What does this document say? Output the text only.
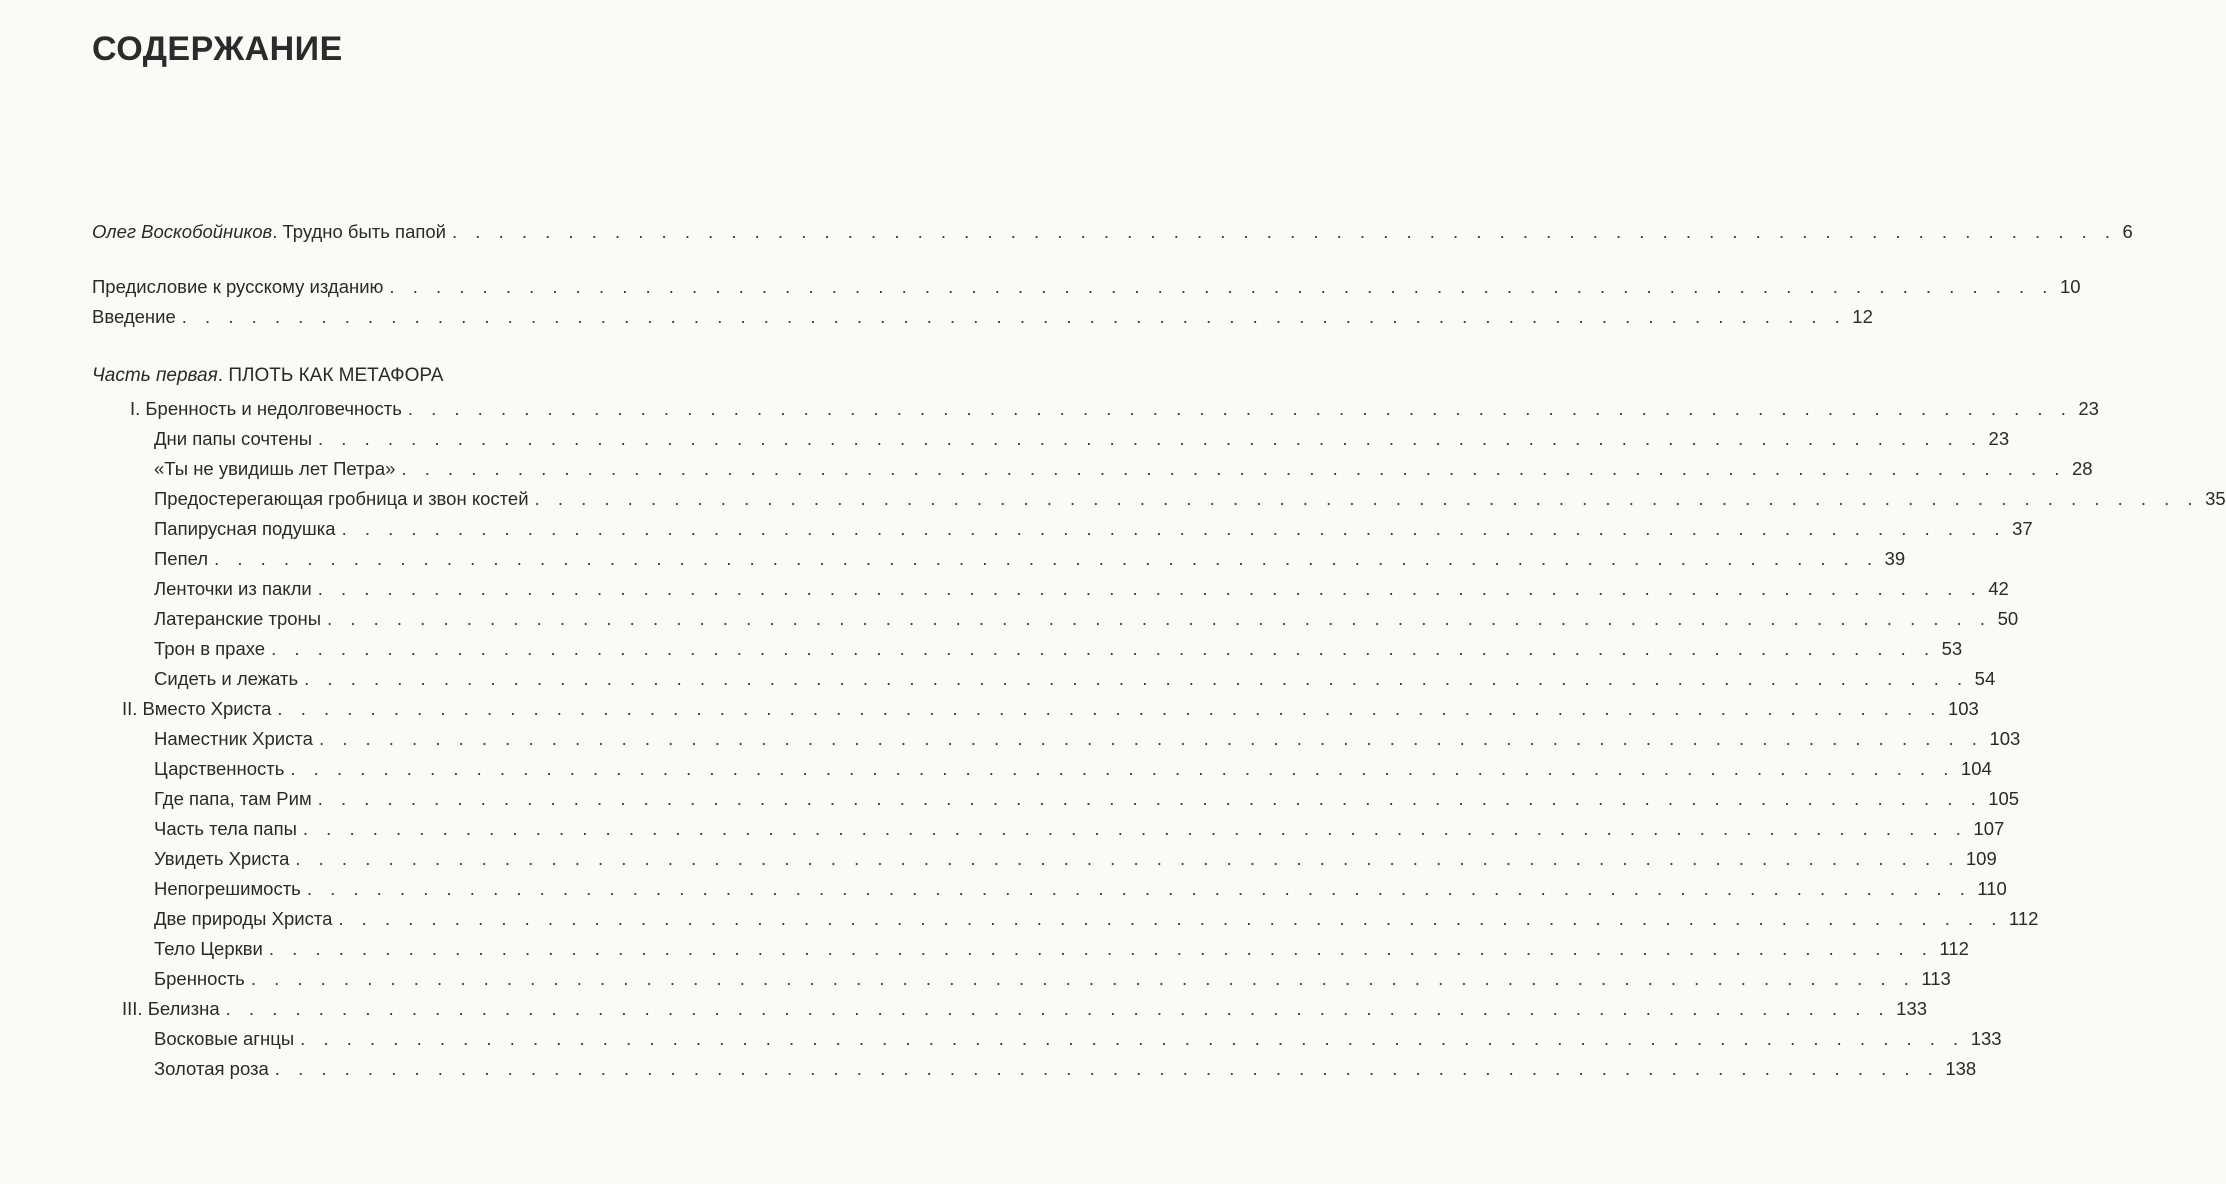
СОДЕРЖАНИЕ
Олег Воскобойников. Трудно быть папой . . . . . . . . . . . . . . . . . . . . . . . . . . . . . . . . . . . . . . . . . . . . . . . . . . . . . . . . . . . . . . . . . . . . . . . . 6
Предисловие к русскому изданию . . . . . . . . . . . . . . . . . . . . . . . . . . . . . . . . . . . . . . . . . . . . . . . . . . . . . . . . . . . . . . . . . . . . . . . . 10
Введение . . . . . . . . . . . . . . . . . . . . . . . . . . . . . . . . . . . . . . . . . . . . . . . . . . . . . . . . . . . . . . . . . . . . . . . . 12
Часть первая. ПЛОТЬ КАК МЕТАФОРА
I. Бренность и недолговечность . . . . . . . . . . . . . . . . . . . . . . . . . . . . . . . . . . . . . . . . . . . . . . . . . . . . . . . . . . . . . . . . . . . . . . . . 23
Дни папы сочтены . . . . . . . . . . . . . . . . . . . . . . . . . . . . . . . . . . . . . . . . . . . . . . . . . . . . . . . . . . . . . . . . . . . . . . . . 23
«Ты не увидишь лет Петра» . . . . . . . . . . . . . . . . . . . . . . . . . . . . . . . . . . . . . . . . . . . . . . . . . . . . . . . . . . . . . . . . . . . . . . . . 28
Предостерегающая гробница и звон костей . . . . . . . . . . . . . . . . . . . . . . . . . . . . . . . . . . . . . . . . . . . . . . . . . . . . . . . . . . . . . . . . . . . . . . . . 35
Папирусная подушка . . . . . . . . . . . . . . . . . . . . . . . . . . . . . . . . . . . . . . . . . . . . . . . . . . . . . . . . . . . . . . . . . . . . . . . . 37
Пепел . . . . . . . . . . . . . . . . . . . . . . . . . . . . . . . . . . . . . . . . . . . . . . . . . . . . . . . . . . . . . . . . . . . . . . . . 39
Ленточки из пакли . . . . . . . . . . . . . . . . . . . . . . . . . . . . . . . . . . . . . . . . . . . . . . . . . . . . . . . . . . . . . . . . . . . . . . . . 42
Латеранские троны . . . . . . . . . . . . . . . . . . . . . . . . . . . . . . . . . . . . . . . . . . . . . . . . . . . . . . . . . . . . . . . . . . . . . . . . 50
Трон в прахе . . . . . . . . . . . . . . . . . . . . . . . . . . . . . . . . . . . . . . . . . . . . . . . . . . . . . . . . . . . . . . . . . . . . . . . . 53
Сидеть и лежать . . . . . . . . . . . . . . . . . . . . . . . . . . . . . . . . . . . . . . . . . . . . . . . . . . . . . . . . . . . . . . . . . . . . . . . . 54
II. Вместо Христа . . . . . . . . . . . . . . . . . . . . . . . . . . . . . . . . . . . . . . . . . . . . . . . . . . . . . . . . . . . . . . . . . . . . . . . . 103
Наместник Христа . . . . . . . . . . . . . . . . . . . . . . . . . . . . . . . . . . . . . . . . . . . . . . . . . . . . . . . . . . . . . . . . . . . . . . . . 103
Царственность . . . . . . . . . . . . . . . . . . . . . . . . . . . . . . . . . . . . . . . . . . . . . . . . . . . . . . . . . . . . . . . . . . . . . . . . 104
Где папа, там Рим . . . . . . . . . . . . . . . . . . . . . . . . . . . . . . . . . . . . . . . . . . . . . . . . . . . . . . . . . . . . . . . . . . . . . . . . 105
Часть тела папы . . . . . . . . . . . . . . . . . . . . . . . . . . . . . . . . . . . . . . . . . . . . . . . . . . . . . . . . . . . . . . . . . . . . . . . . 107
Увидеть Христа . . . . . . . . . . . . . . . . . . . . . . . . . . . . . . . . . . . . . . . . . . . . . . . . . . . . . . . . . . . . . . . . . . . . . . . . 109
Непогрешимость . . . . . . . . . . . . . . . . . . . . . . . . . . . . . . . . . . . . . . . . . . . . . . . . . . . . . . . . . . . . . . . . . . . . . . . . 110
Две природы Христа . . . . . . . . . . . . . . . . . . . . . . . . . . . . . . . . . . . . . . . . . . . . . . . . . . . . . . . . . . . . . . . . . . . . . . . . 112
Тело Церкви . . . . . . . . . . . . . . . . . . . . . . . . . . . . . . . . . . . . . . . . . . . . . . . . . . . . . . . . . . . . . . . . . . . . . . . . 112
Бренность . . . . . . . . . . . . . . . . . . . . . . . . . . . . . . . . . . . . . . . . . . . . . . . . . . . . . . . . . . . . . . . . . . . . . . . . 113
III. Белизна . . . . . . . . . . . . . . . . . . . . . . . . . . . . . . . . . . . . . . . . . . . . . . . . . . . . . . . . . . . . . . . . . . . . . . . . 133
Восковые агнцы . . . . . . . . . . . . . . . . . . . . . . . . . . . . . . . . . . . . . . . . . . . . . . . . . . . . . . . . . . . . . . . . . . . . . . . . 133
Золотая роза . . . . . . . . . . . . . . . . . . . . . . . . . . . . . . . . . . . . . . . . . . . . . . . . . . . . . . . . . . . . . . . . . . . . . . . . 138
